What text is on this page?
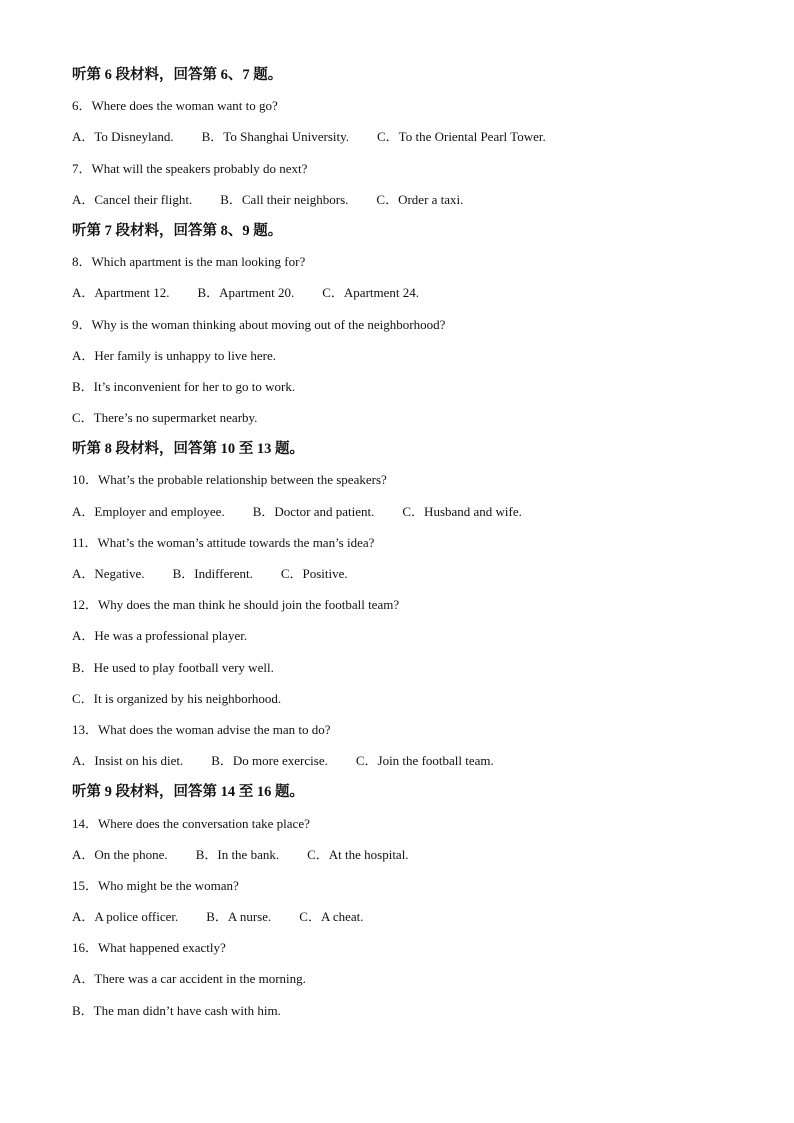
听第 6 段材料，回答第 6、7 题。
6．Where does the woman want to go?
A．To Disneyland. B．To Shanghai University. C．To the Oriental Pearl Tower.
7．What will the speakers probably do next?
A．Cancel their flight. B．Call their neighbors. C．Order a taxi.
听第 7 段材料，回答第 8、9 题。
8．Which apartment is the man looking for?
A．Apartment 12. B．Apartment 20. C．Apartment 24.
9．Why is the woman thinking about moving out of the neighborhood?
A．Her family is unhappy to live here.
B．It’s inconvenient for her to go to work.
C．There’s no supermarket nearby.
听第 8 段材料，回答第 10 至 13 题。
10．What’s the probable relationship between the speakers?
A．Employer and employee. B．Doctor and patient. C．Husband and wife.
11．What’s the woman’s attitude towards the man’s idea?
A．Negative. B．Indifferent. C．Positive.
12．Why does the man think he should join the football team?
A．He was a professional player.
B．He used to play football very well.
C．It is organized by his neighborhood.
13．What does the woman advise the man to do?
A．Insist on his diet. B．Do more exercise. C．Join the football team.
听第 9 段材料，回答第 14 至 16 题。
14．Where does the conversation take place?
A．On the phone. B．In the bank. C．At the hospital.
15．Who might be the woman?
A．A police officer. B．A nurse. C．A cheat.
16．What happened exactly?
A．There was a car accident in the morning.
B．The man didn’t have cash with him.
